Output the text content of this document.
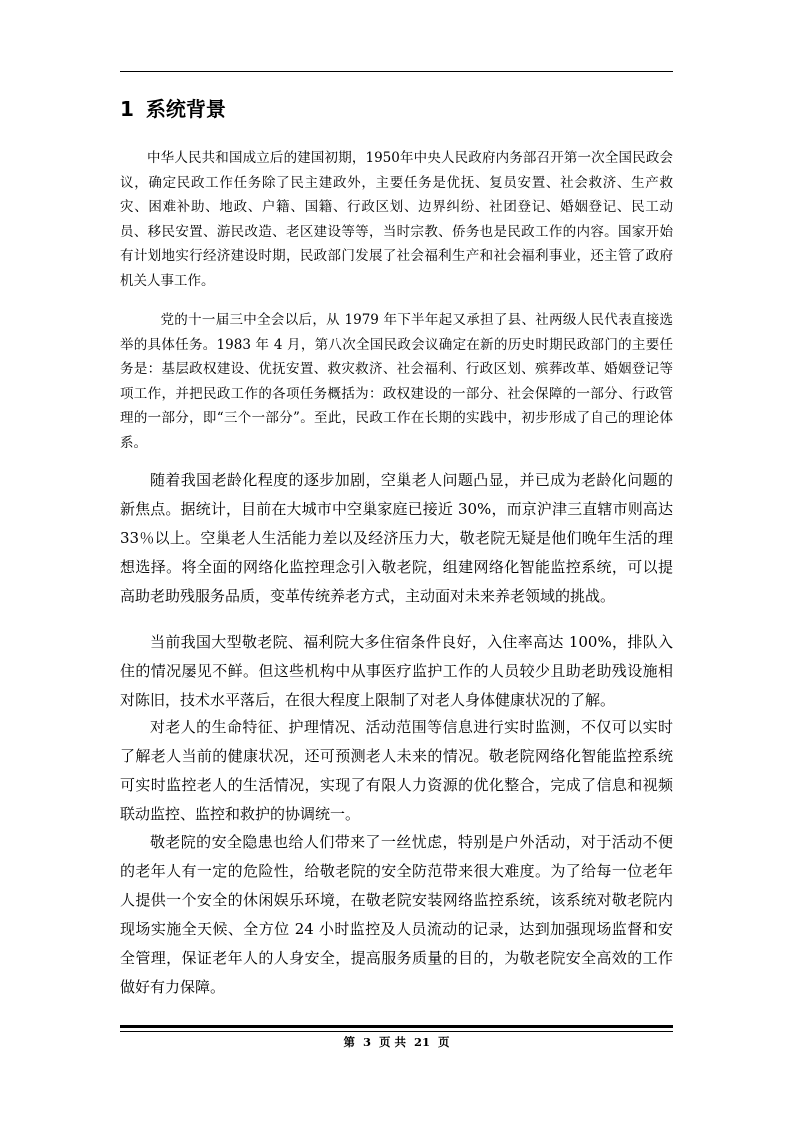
1 系统背景

中华人民共和国成立后的建国初期，1950年中央人民政府内务部召开第一次全国民政会议，确定民政工作任务除了民主建政外，主要任务是优抚、复员安置、社会救济、生产救灾、困难补助、地政、户籍、国籍、行政区划、边界纠纷、社团登记、婚姻登记、民工动员、移民安置、游民改造、老区建设等等，当时宗教、侨务也是民政工作的内容。国家开始有计划地实行经济建设时期，民政部门发展了社会福利生产和社会福利事业，还主管了政府机关人事工作。

党的十一届三中全会以后，从 1979 年下半年起又承担了县、社两级人民代表直接选举的具体任务。1983 年 4 月，第八次全国民政会议确定在新的历史时期民政部门的主要任务是：基层政权建设、优抚安置、救灾救济、社会福利、行政区划、殡葬改革、婚姻登记等项工作，并把民政工作的各项任务概括为：政权建设的一部分、社会保障的一部分、行政管理的一部分，即“三个一部分”。至此，民政工作在长期的实践中，初步形成了自己的理论体系。

随着我国老龄化程度的逐步加剧，空巢老人问题凸显，并已成为老龄化问题的新焦点。据统计，目前在大城市中空巢家庭已接近 30%，而京沪津三直辖市则高达 33％以上。空巢老人生活能力差以及经济压力大，敬老院无疑是他们晚年生活的理想选择。将全面的网络化监控理念引入敬老院，组建网络化智能监控系统，可以提高助老助残服务品质，变革传统养老方式，主动面对未来养老领域的挑战。

当前我国大型敬老院、福利院大多住宿条件良好，入住率高达 100%，排队入住的情况屡见不鲜。但这些机构中从事医疗监护工作的人员较少且助老助残设施相对陈旧，技术水平落后，在很大程度上限制了对老人身体健康状况的了解。

对老人的生命特征、护理情况、活动范围等信息进行实时监测，不仅可以实时了解老人当前的健康状况，还可预测老人未来的情况。敬老院网络化智能监控系统可实时监控老人的生活情况，实现了有限人力资源的优化整合，完成了信息和视频联动监控、监控和救护的协调统一。

敬老院的安全隐患也给人们带来了一丝忧虑，特别是户外活动，对于活动不便的老年人有一定的危险性，给敬老院的安全防范带来很大难度。为了给每一位老年人提供一个安全的休闲娱乐环境，在敬老院安装网络监控系统，该系统对敬老院内现场实施全天候、全方位 24 小时监控及人员流动的记录，达到加强现场监督和安全管理，保证老年人的人身安全，提高服务质量的目的，为敬老院安全高效的工作做好有力保障。

第 3 页 共 21 页
